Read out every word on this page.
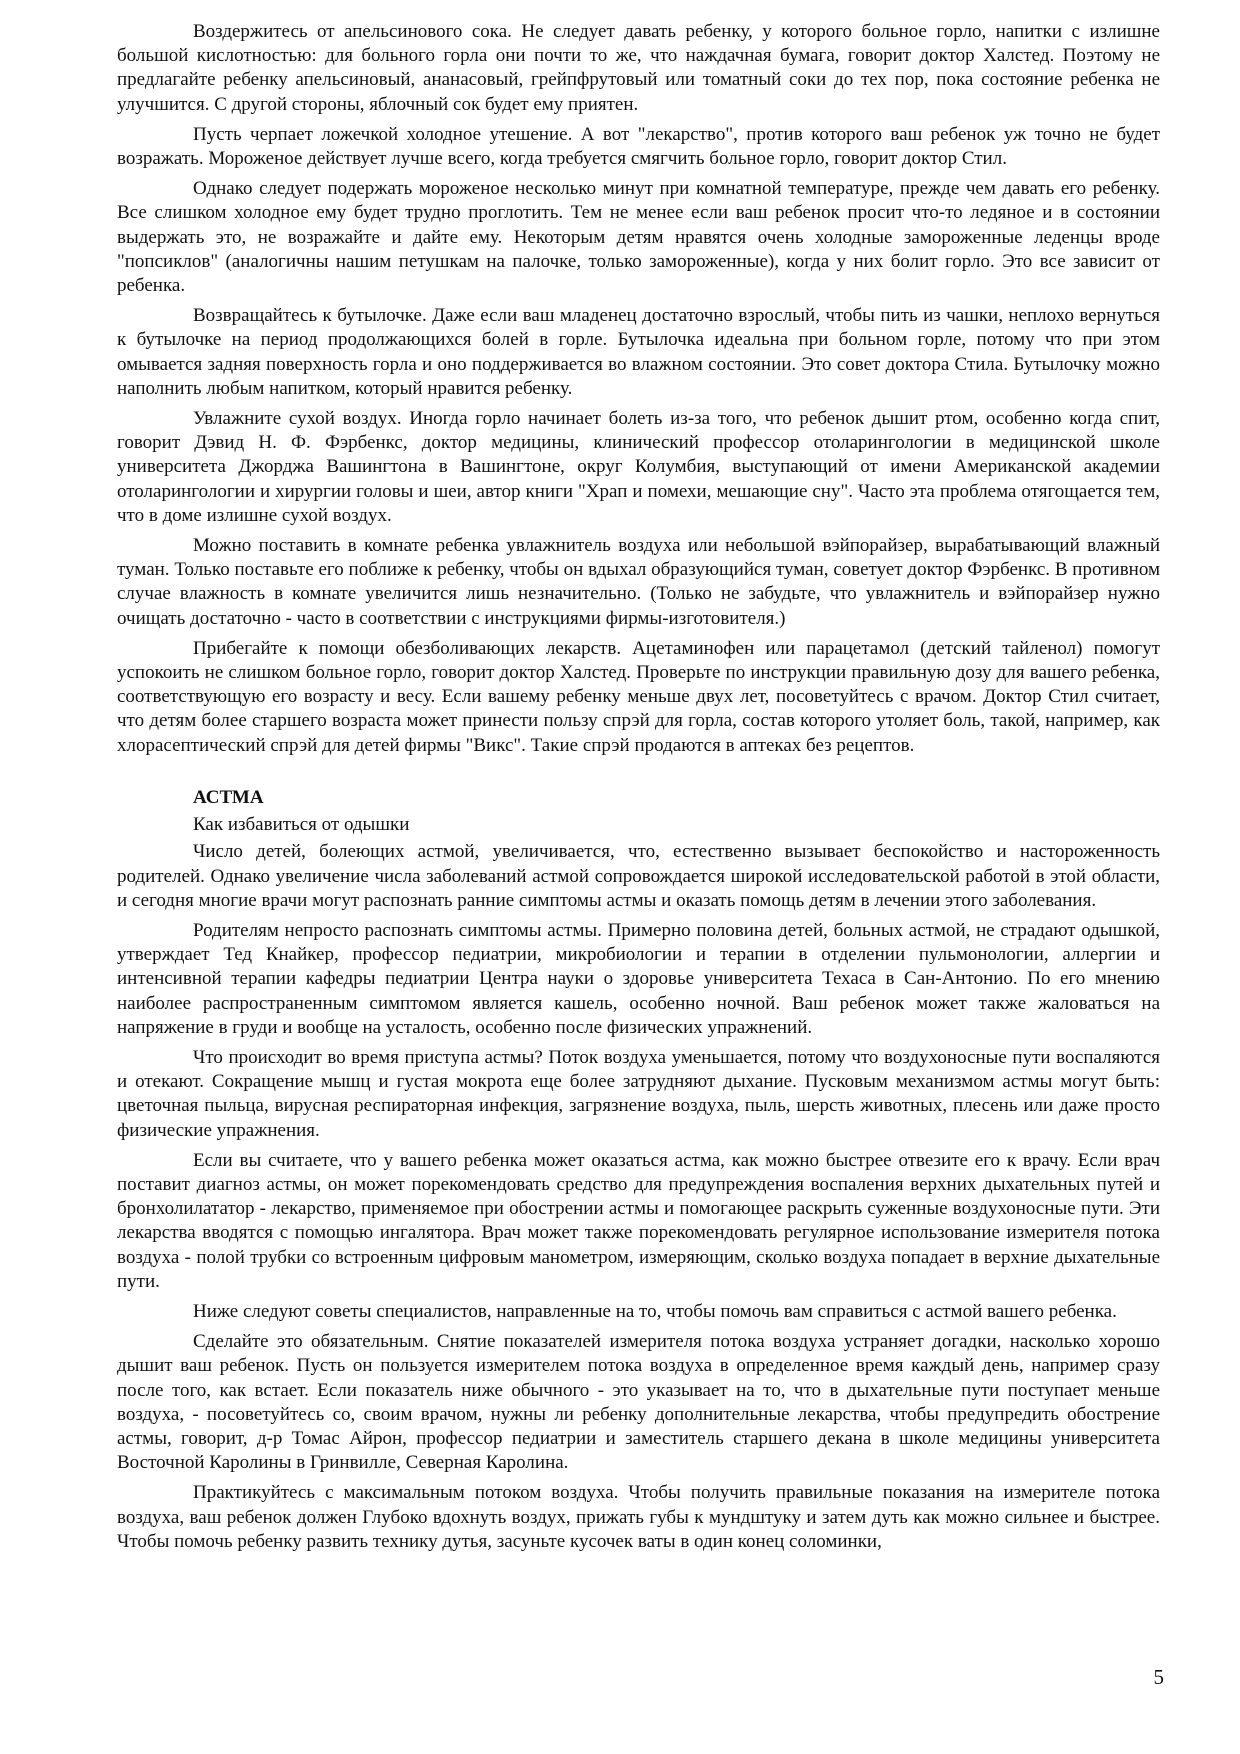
Воздержитесь от апельсинового сока. Не следует давать ребенку, у которого больное горло, напитки с излишне большой кислотностью: для больного горла они почти то же, что наждачная бумага, говорит доктор Халстед. Поэтому не предлагайте ребенку апельсиновый, ананасовый, грейпфрутовый или томатный соки до тех пор, пока состояние ребенка не улучшится. С другой стороны, яблочный сок будет ему приятен.

Пусть черпает ложечкой холодное утешение. А вот "лекарство", против которого ваш ребенок уж точно не будет возражать. Мороженое действует лучше всего, когда требуется смягчить больное горло, говорит доктор Стил.

Однако следует подержать мороженое несколько минут при комнатной температуре, прежде чем давать его ребенку. Все слишком холодное ему будет трудно проглотить. Тем не менее если ваш ребенок просит что-то ледяное и в состоянии выдержать это, не возражайте и дайте ему. Некоторым детям нравятся очень холодные замороженные леденцы вроде "попсиклов" (аналогичны нашим петушкам на палочке, только замороженные), когда у них болит горло. Это все зависит от ребенка.

Возвращайтесь к бутылочке. Даже если ваш младенец достаточно взрослый, чтобы пить из чашки, неплохо вернуться к бутылочке на период продолжающихся болей в горле. Бутылочка идеальна при больном горле, потому что при этом омывается задняя поверхность горла и оно поддерживается во влажном состоянии. Это совет доктора Стила. Бутылочку можно наполнить любым напитком, который нравится ребенку.

Увлажните сухой воздух. Иногда горло начинает болеть из-за того, что ребенок дышит ртом, особенно когда спит, говорит Дэвид Н. Ф. Фэрбенкс, доктор медицины, клинический профессор отоларингологии в медицинской школе университета Джорджа Вашингтона в Вашингтоне, округ Колумбия, выступающий от имени Американской академии отоларингологии и хирургии головы и шеи, автор книги "Храп и помехи, мешающие сну". Часто эта проблема отягощается тем, что в доме излишне сухой воздух.

Можно поставить в комнате ребенка увлажнитель воздуха или небольшой вэйпорайзер, вырабатывающий влажный туман. Только поставьте его поближе к ребенку, чтобы он вдыхал образующийся туман, советует доктор Фэрбенкс. В противном случае влажность в комнате увеличится лишь незначительно. (Только не забудьте, что увлажнитель и вэйпорайзер нужно очищать достаточно - часто в соответствии с инструкциями фирмы-изготовителя.)

Прибегайте к помощи обезболивающих лекарств. Ацетаминофен или парацетамол (детский тайленол) помогут успокоить не слишком больное горло, говорит доктор Халстед. Проверьте по инструкции правильную дозу для вашего ребенка, соответствующую его возрасту и весу. Если вашему ребенку меньше двух лет, посоветуйтесь с врачом. Доктор Стил считает, что детям более старшего возраста может принести пользу спрэй для горла, состав которого утоляет боль, такой, например, как хлорасептический спрэй для детей фирмы "Викс". Такие спрэй продаются в аптеках без рецептов.

АСТМА
Как избавиться от одышки

Число детей, болеющих астмой, увеличивается, что, естественно вызывает беспокойство и настороженность родителей. Однако увеличение числа заболеваний астмой сопровождается широкой исследовательской работой в этой области, и сегодня многие врачи могут распознать ранние симптомы астмы и оказать помощь детям в лечении этого заболевания.

Родителям непросто распознать симптомы астмы. Примерно половина детей, больных астмой, не страдают одышкой, утверждает Тед Кнайкер, профессор педиатрии, микробиологии и терапии в отделении пульмонологии, аллергии и интенсивной терапии кафедры педиатрии Центра науки о здоровье университета Техаса в Сан-Антонио. По его мнению наиболее распространенным симптомом является кашель, особенно ночной. Ваш ребенок может также жаловаться на напряжение в груди и вообще на усталость, особенно после физических упражнений.

Что происходит во время приступа астмы? Поток воздуха уменьшается, потому что воздухоносные пути воспаляются и отекают. Сокращение мышц и густая мокрота еще более затрудняют дыхание. Пусковым механизмом астмы могут быть: цветочная пыльца, вирусная респираторная инфекция, загрязнение воздуха, пыль, шерсть животных, плесень или даже просто физические упражнения.

Если вы считаете, что у вашего ребенка может оказаться астма, как можно быстрее отвезите его к врачу. Если врач поставит диагноз астмы, он может порекомендовать средство для предупреждения воспаления верхних дыхательных путей и бронхолилататор - лекарство, применяемое при обострении астмы и помогающее раскрыть суженные воздухоносные пути. Эти лекарства вводятся с помощью ингалятора. Врач может также порекомендовать регулярное использование измерителя потока воздуха - полой трубки со встроенным цифровым манометром, измеряющим, сколько воздуха попадает в верхние дыхательные пути.

Ниже следуют советы специалистов, направленные на то, чтобы помочь вам справиться с астмой вашего ребенка.

Сделайте это обязательным. Снятие показателей измерителя потока воздуха устраняет догадки, насколько хорошо дышит ваш ребенок. Пусть он пользуется измерителем потока воздуха в определенное время каждый день, например сразу после того, как встает. Если показатель ниже обычного - это указывает на то, что в дыхательные пути поступает меньше воздуха, - посоветуйтесь со, своим врачом, нужны ли ребенку дополнительные лекарства, чтобы предупредить обострение астмы, говорит, д-р Томас Айрон, профессор педиатрии и заместитель старшего декана в школе медицины университета Восточной Каролины в Гринвилле, Северная Каролина.

Практикуйтесь с максимальным потоком воздуха. Чтобы получить правильные показания на измерителе потока воздуха, ваш ребенок должен Глубоко вдохнуть воздух, прижать губы к мундштуку и затем дуть как можно сильнее и быстрее. Чтобы помочь ребенку развить технику дутья, засуньте кусочек ваты в один конец соломинки,

5
